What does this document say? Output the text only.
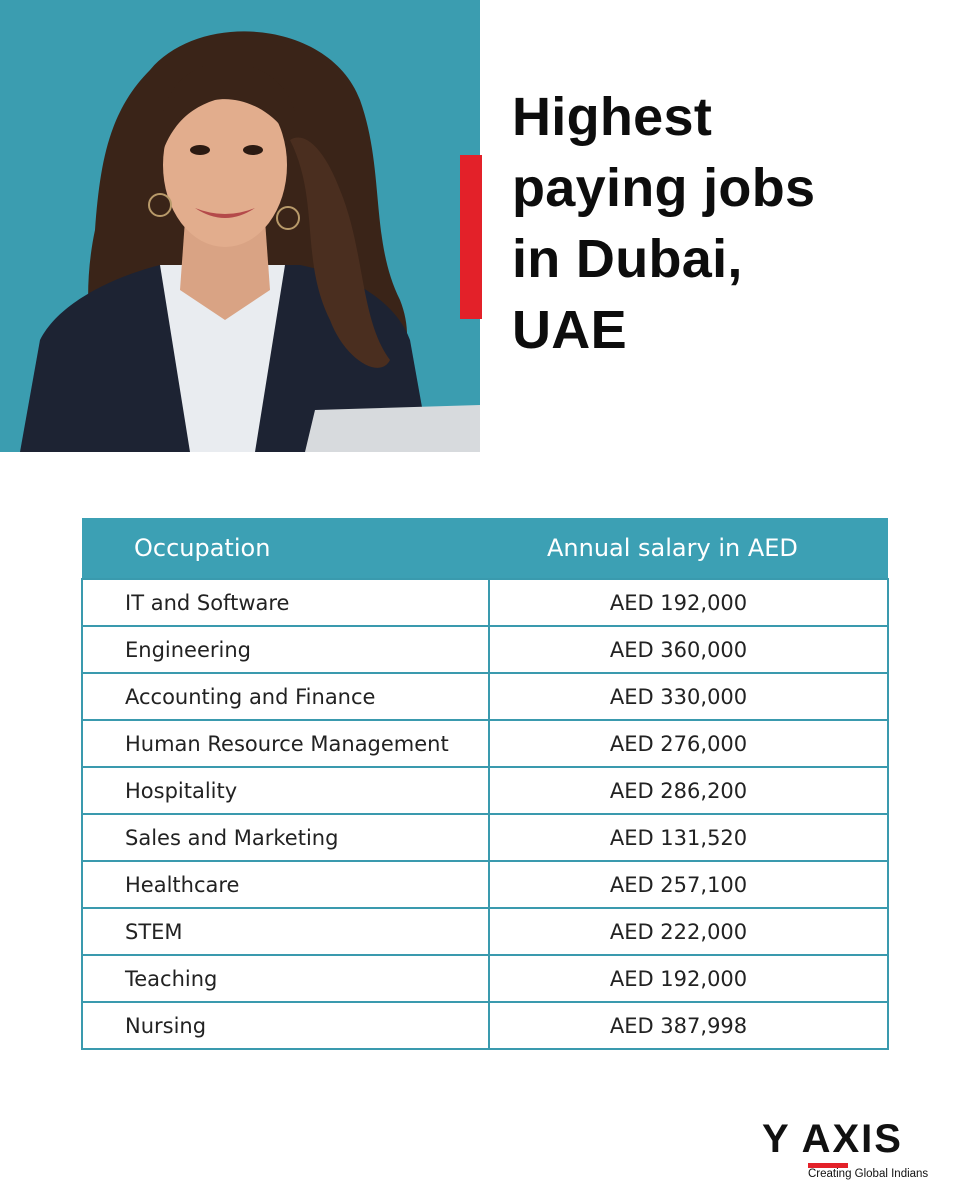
Highest
paying jobs
in Dubai,
UAE
Occupation	Annual salary in AED
IT and Software	AED 192,000
Engineering	AED 360,000
Accounting and Finance	AED 330,000
Human Resource Management	AED 276,000
Hospitality	AED 286,200
Sales and Marketing	AED 131,520
Healthcare	AED 257,100
STEM	AED 222,000
Teaching	AED 192,000
Nursing	AED 387,998
Y AXIS
Creating Global Indians
